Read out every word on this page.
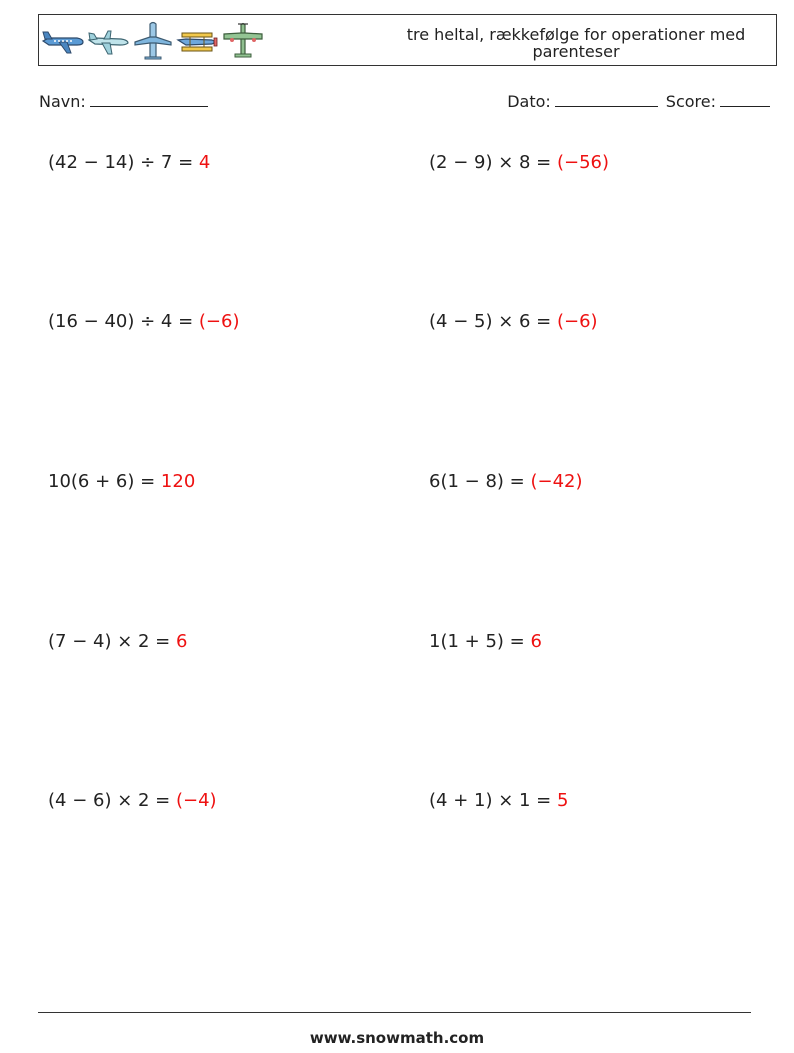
tre heltal, rækkefølge for operationer med parenteser
Navn:	Dato:	Score:
(42 − 14) ÷ 7 = 4	(2 − 9) × 8 = (−56)
(16 − 40) ÷ 4 = (−6)	(4 − 5) × 6 = (−6)
10(6 + 6) = 120	6(1 − 8) = (−42)
(7 − 4) × 2 = 6	1(1 + 5) = 6
(4 − 6) × 2 = (−4)	(4 + 1) × 1 = 5
www.snowmath.com
